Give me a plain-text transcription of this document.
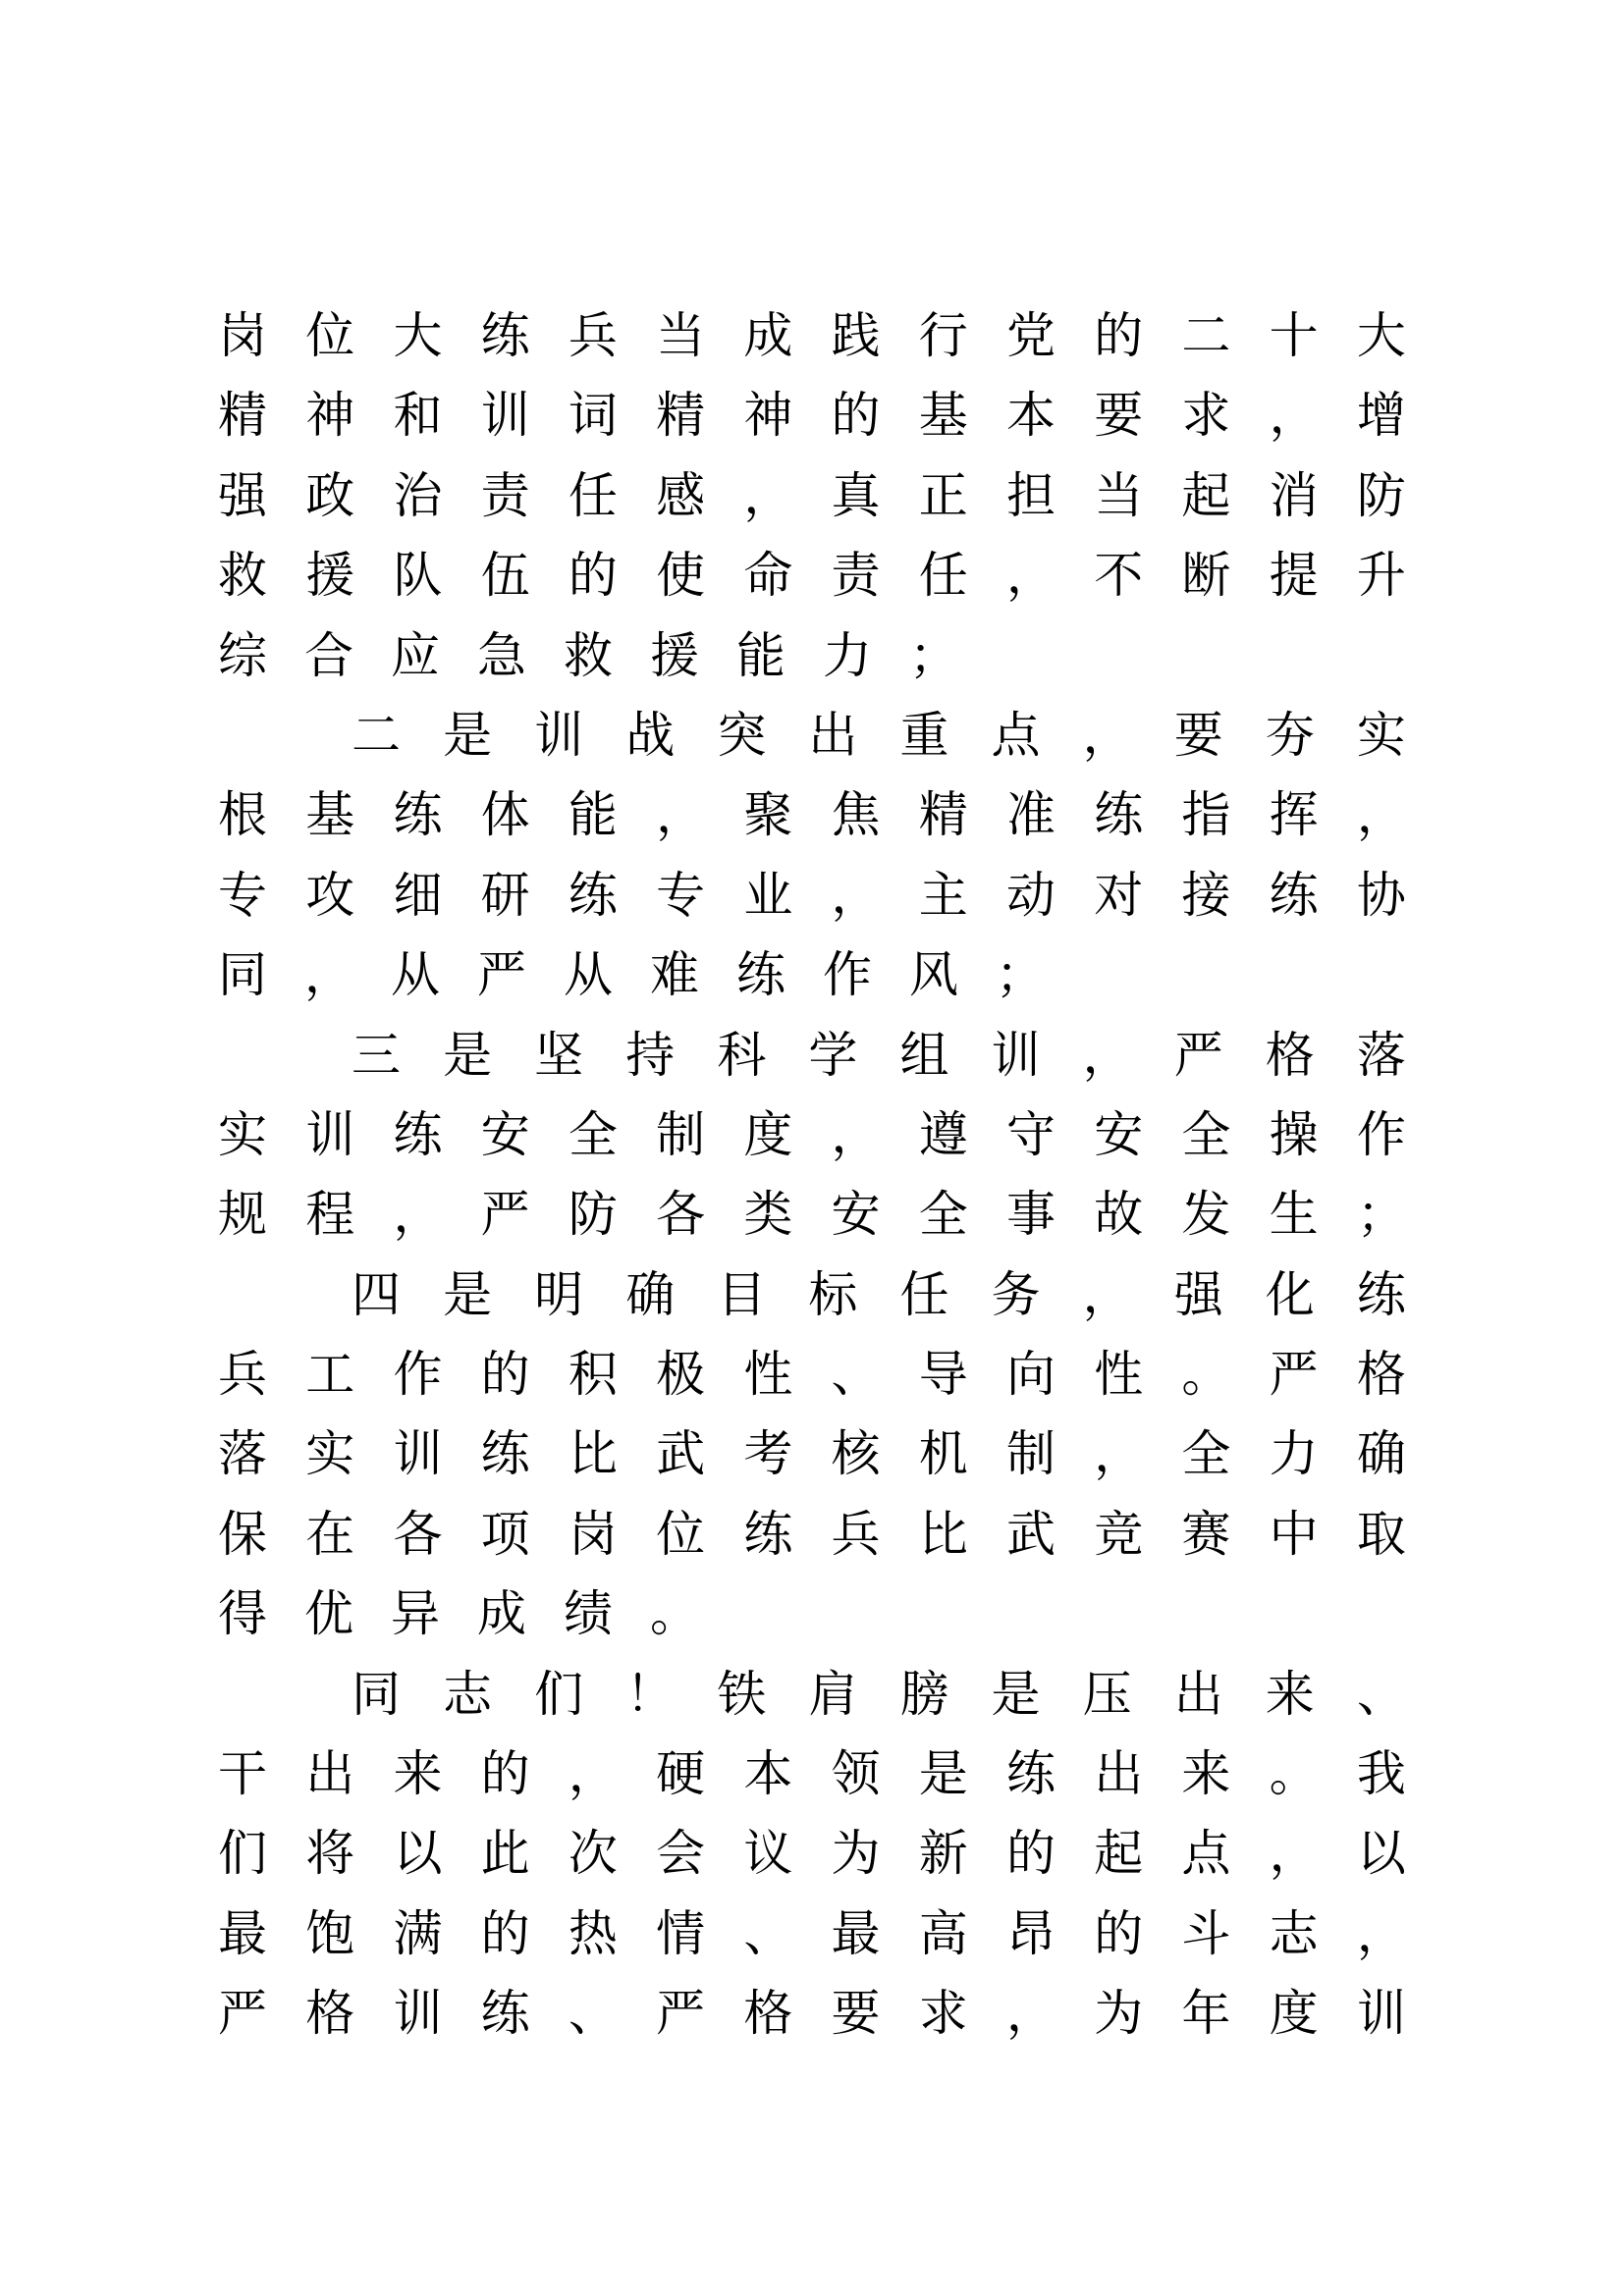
岗 位 大 练 兵 当 成 践 行 党 的 二 十 大
精 神 和 训 词 精 神 的 基 本 要 求 ， 增
强 政 治 责 任 感 ， 真 正 担 当 起 消 防
救 援 队 伍 的 使 命 责 任 ， 不 断 提 升
综 合 应 急 救 援 能 力 ；
二 是 训 战 突 出 重 点 ， 要 夯 实
根 基 练 体 能 ， 聚 焦 精 准 练 指 挥 ，
专 攻 细 研 练 专 业 ， 主 动 对 接 练 协
同 ， 从 严 从 难 练 作 风 ；
三 是 坚 持 科 学 组 训 ， 严 格 落
实 训 练 安 全 制 度 ， 遵 守 安 全 操 作
规 程 ， 严 防 各 类 安 全 事 故 发 生 ；
四 是 明 确 目 标 任 务 ， 强 化 练
兵 工 作 的 积 极 性 、 导 向 性 。 严 格
落 实 训 练 比 武 考 核 机 制 ， 全 力 确
保 在 各 项 岗 位 练 兵 比 武 竞 赛 中 取
得 优 异 成 绩 。
同 志 们 ！ 铁 肩 膀 是 压 出 来 、
干 出 来 的 ， 硬 本 领 是 练 出 来 。 我
们 将 以 此 次 会 议 为 新 的 起 点 ， 以
最 饱 满 的 热 情 、 最 高 昂 的 斗 志 ，
严 格 训 练 、 严 格 要 求 ， 为 年 度 训
